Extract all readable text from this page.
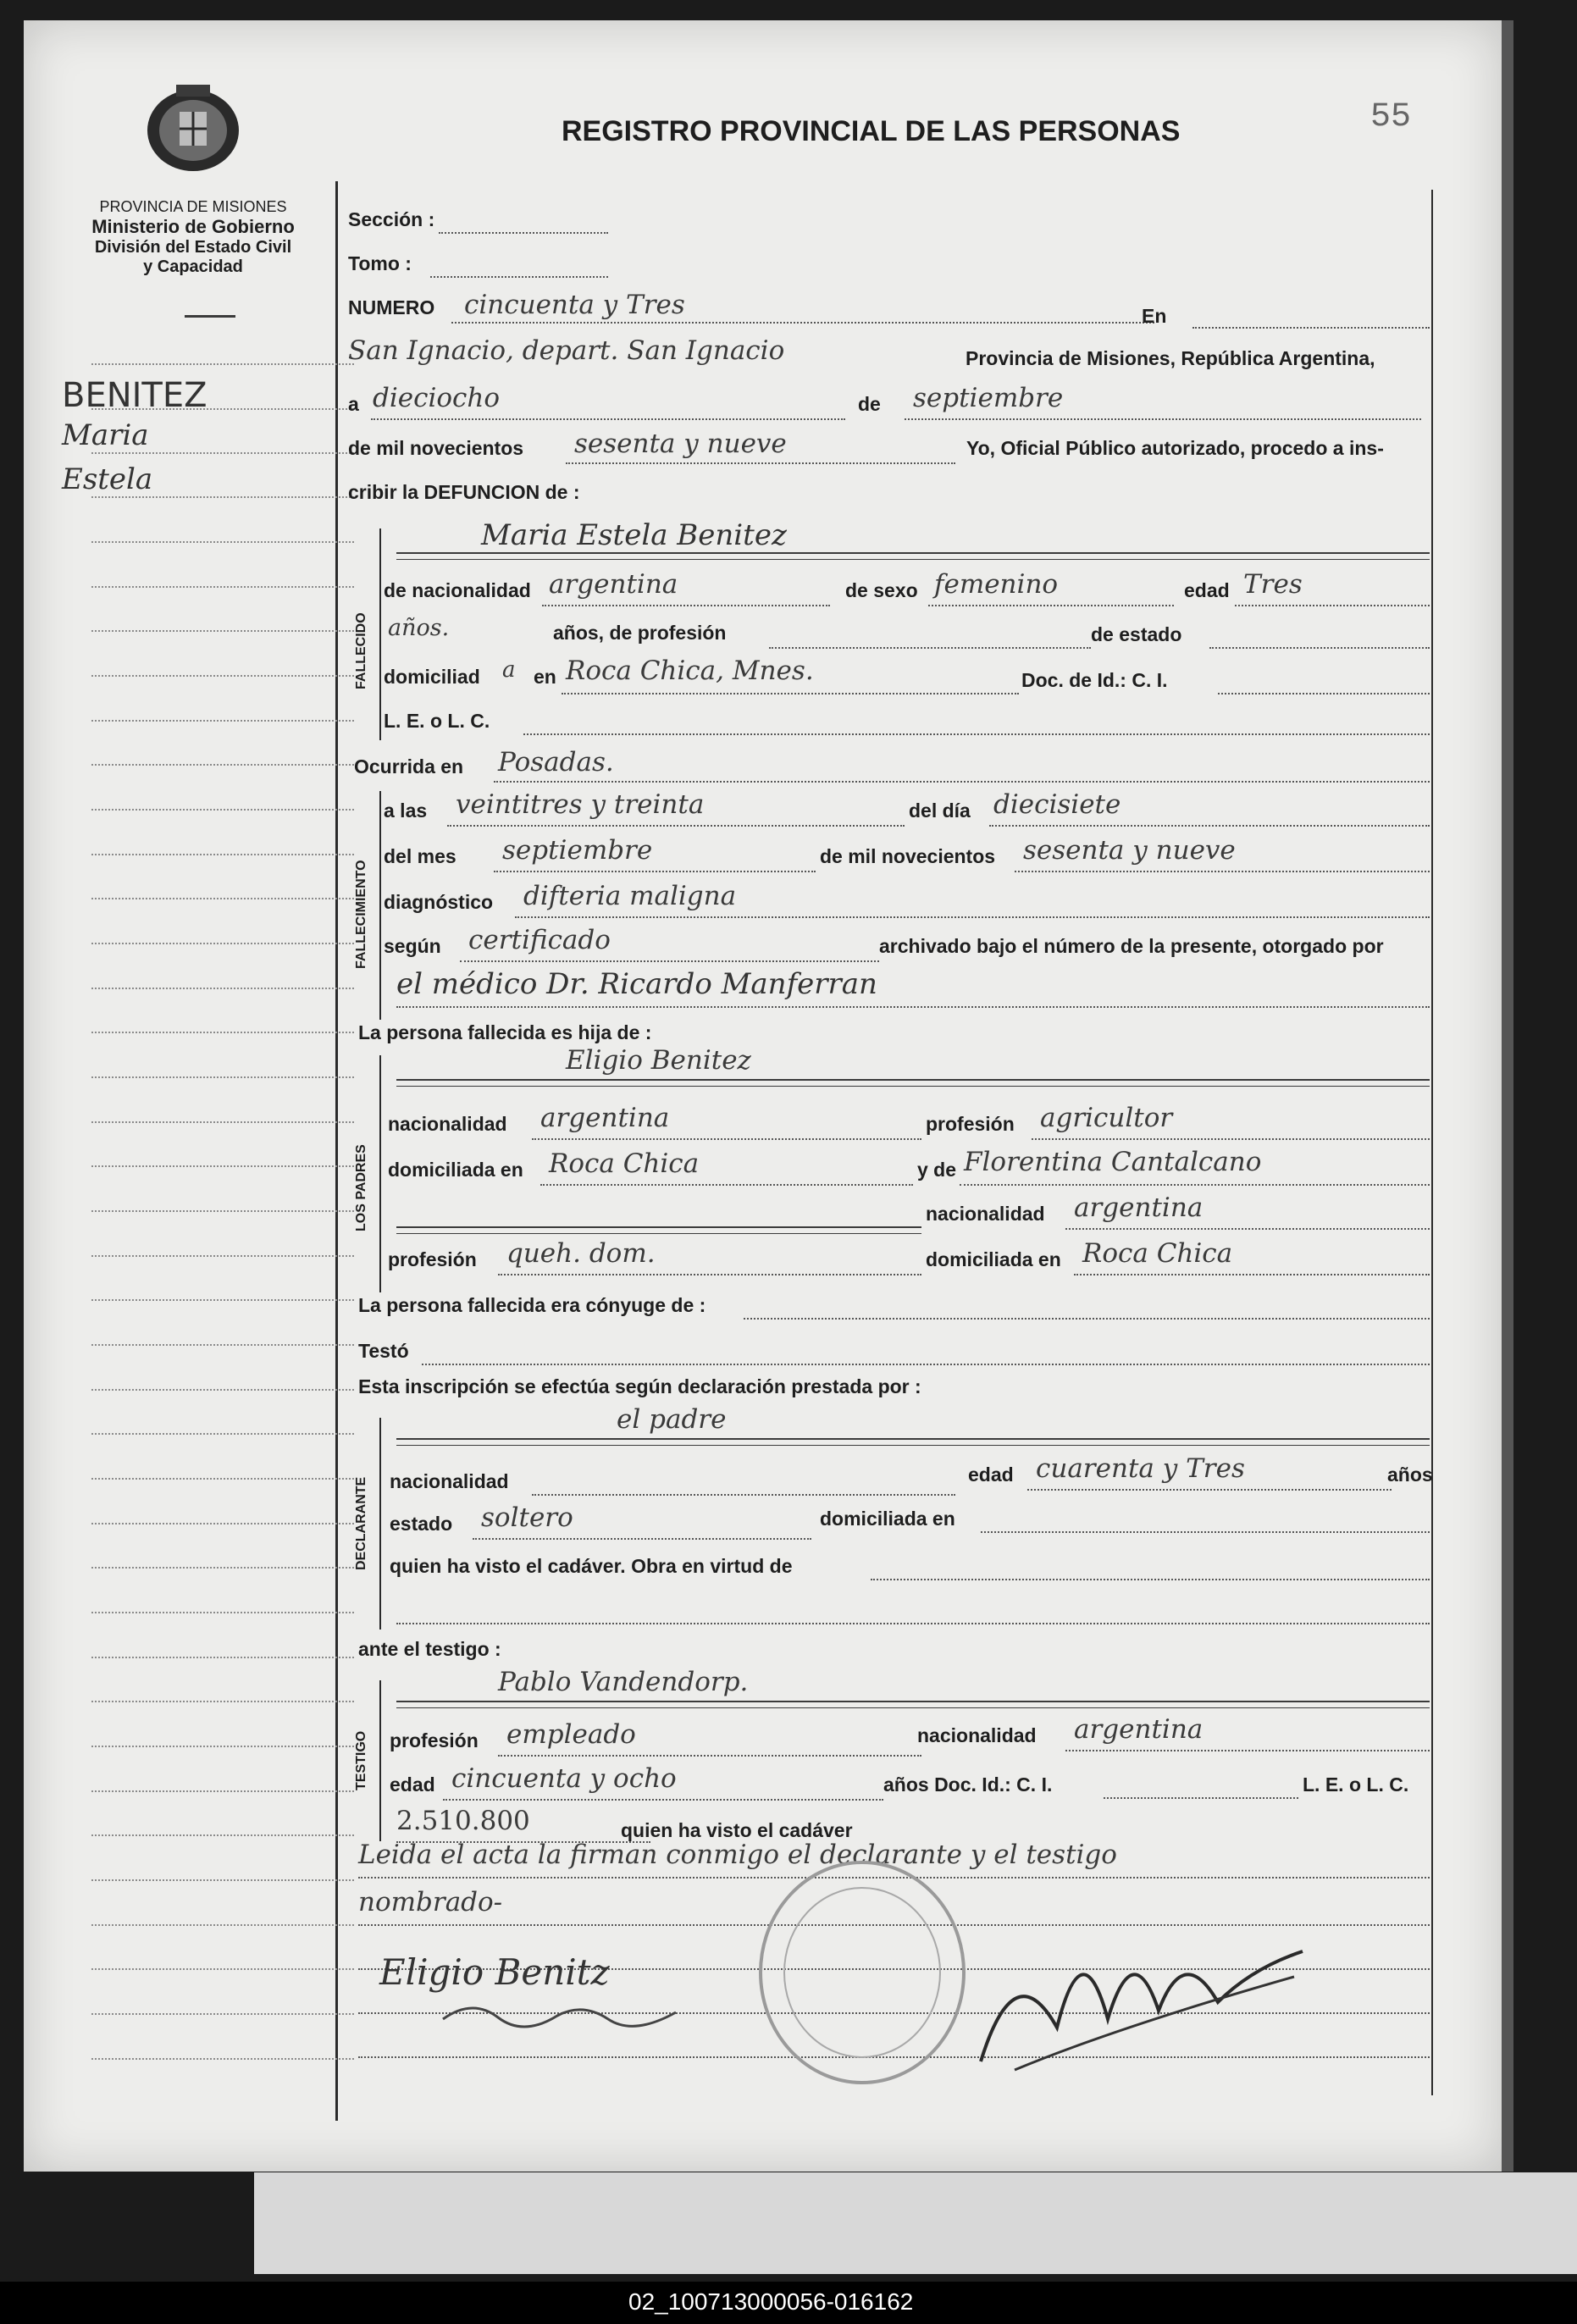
PROVINCIA DE MISIONES
Ministerio de Gobierno
División del Estado Civil
y Capacidad
REGISTRO PROVINCIAL DE LAS PERSONAS	55
BENITEZ
Maria
Estela
Sección :
Tomo :
NUMERO cincuenta y Tres	En
San Ignacio, depart. San Ignacio	Provincia de Misiones, República Argentina,
a dieciocho	de septiembre
de mil novecientos sesenta y nueve	Yo, Oficial Público autorizado, procedo a ins-
cribir la DEFUNCION de :
FALLECIDO
Maria Estela Benitez
de nacionalidad argentina	de sexo femenino	edad Tres
años.	años, de profesión	de estado
domiciliad a en Roca Chica, Mnes.	Doc. de Id.: C. I.
L. E. o L. C.
Ocurrida en Posadas.
FALLECIMIENTO
a las veintitres y treinta	del día diecisiete
del mes septiembre	de mil novecientos sesenta y nueve
diagnóstico difteria maligna
según certificado	archivado bajo el número de la presente, otorgado por
el médico Dr. Ricardo Manferran
La persona fallecida es hija de :
LOS PADRES
Eligio Benitez
nacionalidad argentina	profesión agricultor
domiciliada en Roca Chica	y de Florentina Cantalcano
nacionalidad argentina
profesión queh. dom.	domiciliada en Roca Chica
La persona fallecida era cónyuge de :
Testó
Esta inscripción se efectúa según declaración prestada por :
DECLARANTE
el padre
nacionalidad	edad cuarenta y Tres	años
estado soltero	domiciliada en
quien ha visto el cadáver. Obra en virtud de
ante el testigo :
TESTIGO
Pablo Vandendorp.
profesión empleado	nacionalidad argentina
edad cincuenta y ocho	años Doc. Id.: C. I.	L. E. o L. C.
2.510.800	quien ha visto el cadáver
Leida el acta la firman conmigo el declarante y el testigo
nombrado-
Eligio Benitz
02_100713000056-016162
